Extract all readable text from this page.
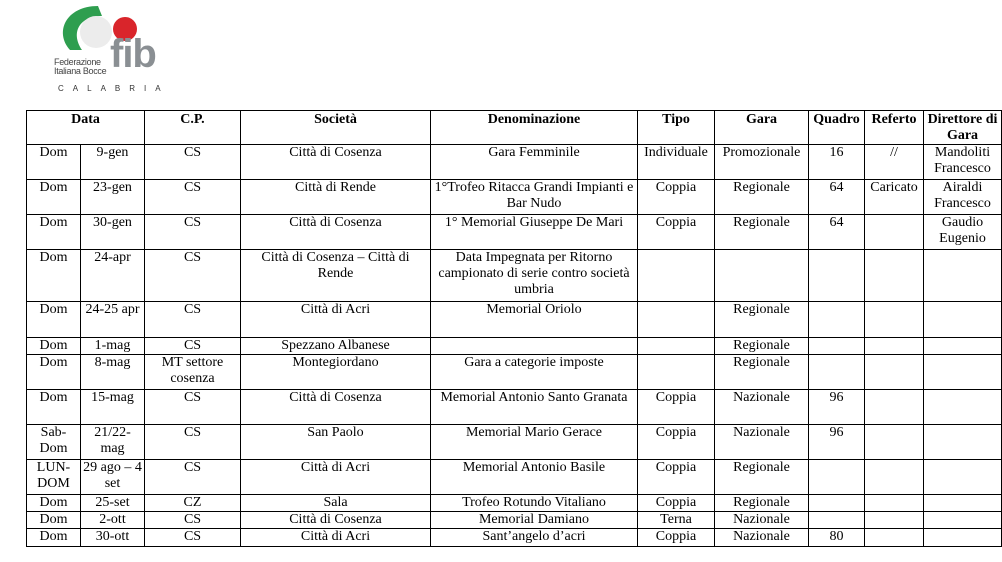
Federazione
Italiana Bocce fib
CALABRIA
Data		C.P.	Società	Denominazione	Tipo	Gara	Quadro	Referto	Direttore di Gara
Dom	9-gen	CS	Città di Cosenza	Gara Femminile	Individuale	Promozionale	16	//	Mandoliti Francesco
Dom	23-gen	CS	Città di Rende	1°Trofeo Ritacca Grandi Impianti e Bar Nudo	Coppia	Regionale	64	Caricato	Airaldi Francesco
Dom	30-gen	CS	Città di Cosenza	1° Memorial Giuseppe De Mari	Coppia	Regionale	64		Gaudio Eugenio
Dom	24-apr	CS	Città di Cosenza – Città di Rende	Data Impegnata per Ritorno campionato di serie contro società umbria					
Dom	24-25 apr	CS	Città di Acri	Memorial Oriolo		Regionale			
Dom	1-mag	CS	Spezzano Albanese			Regionale			
Dom	8-mag	MT settore cosenza	Montegiordano	Gara a categorie imposte		Regionale			
Dom	15-mag	CS	Città di Cosenza	Memorial Antonio Santo Granata	Coppia	Nazionale	96		
Sab-Dom	21/22-mag	CS	San Paolo	Memorial Mario Gerace	Coppia	Nazionale	96		
LUN-DOM	29 ago – 4 set	CS	Città di Acri	Memorial Antonio Basile	Coppia	Regionale			
Dom	25-set	CZ	Sala	Trofeo Rotundo Vitaliano	Coppia	Regionale			
Dom	2-ott	CS	Città di Cosenza	Memorial Damiano	Terna	Nazionale			
Dom	30-ott	CS	Città di Acri	Sant’angelo d’acri	Coppia	Nazionale	80		
